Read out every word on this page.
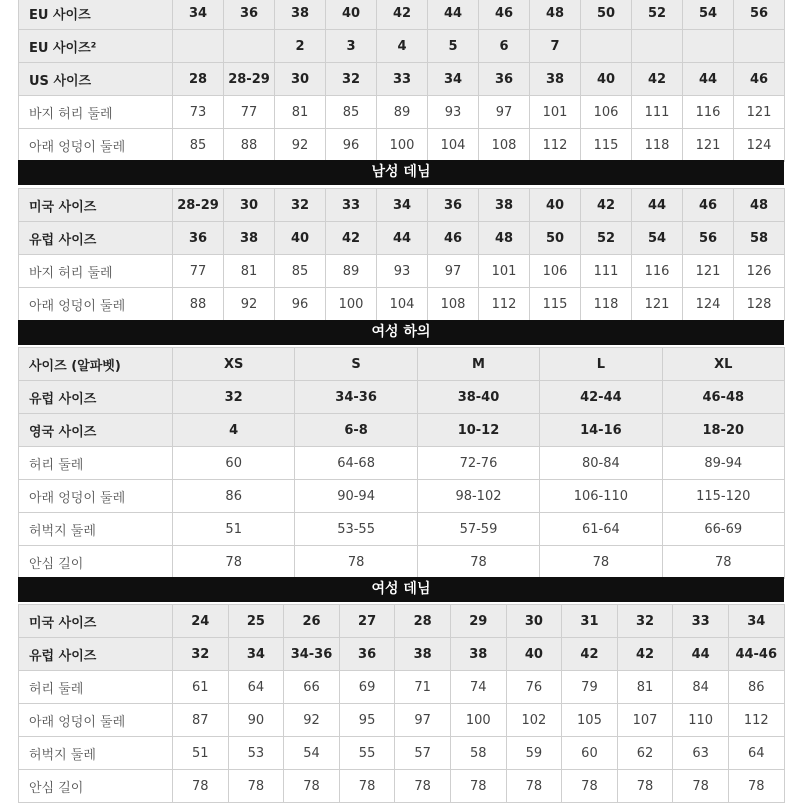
EU 사이즈	34	36	38	40	42	44	46	48	50	52	54	56
EU 사이즈²			2	3	4	5	6	7				
US 사이즈	28	28-29	30	32	33	34	36	38	40	42	44	46
바지 허리 둘레	73	77	81	85	89	93	97	101	106	111	116	121
아래 엉덩이 둘레	85	88	92	96	100	104	108	112	115	118	121	124
남성 데님
미국 사이즈	28-29	30	32	33	34	36	38	40	42	44	46	48
유럽 사이즈	36	38	40	42	44	46	48	50	52	54	56	58
바지 허리 둘레	77	81	85	89	93	97	101	106	111	116	121	126
아래 엉덩이 둘레	88	92	96	100	104	108	112	115	118	121	124	128
여성 하의
사이즈 (알파벳)	XS	S	M	L	XL
유럽 사이즈	32	34-36	38-40	42-44	46-48
영국 사이즈	4	6-8	10-12	14-16	18-20
허리 둘레	60	64-68	72-76	80-84	89-94
아래 엉덩이 둘레	86	90-94	98-102	106-110	115-120
허벅지 둘레	51	53-55	57-59	61-64	66-69
안심 길이	78	78	78	78	78
여성 데님
미국 사이즈	24	25	26	27	28	29	30	31	32	33	34
유럽 사이즈	32	34	34-36	36	38	38	40	42	42	44	44-46
허리 둘레	61	64	66	69	71	74	76	79	81	84	86
아래 엉덩이 둘레	87	90	92	95	97	100	102	105	107	110	112
허벅지 둘레	51	53	54	55	57	58	59	60	62	63	64
안심 길이	78	78	78	78	78	78	78	78	78	78	78
